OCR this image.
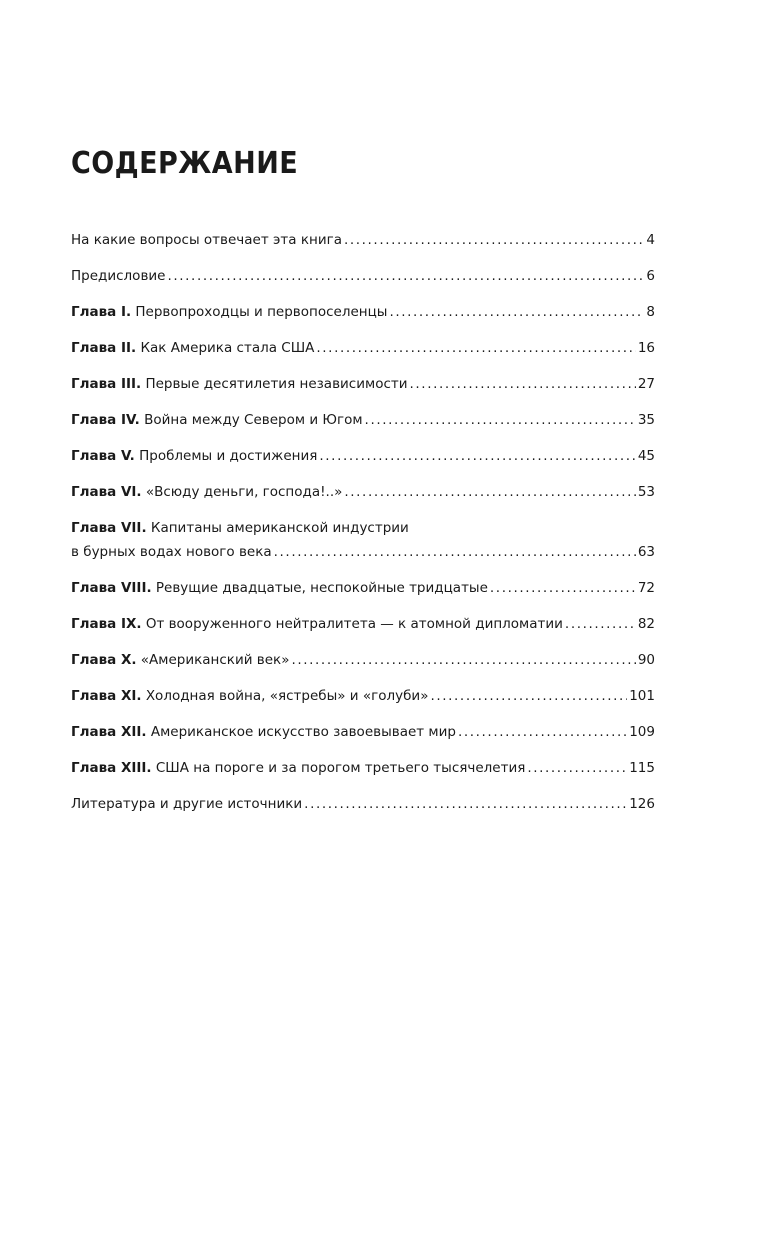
СОДЕРЖАНИЕ
На какие вопросы отвечает эта книга .....	4
Предисловие .....	6
Глава I. Первопроходцы и первопоселенцы .....	8
Глава II. Как Америка стала США .....	16
Глава III. Первые десятилетия независимости .....	27
Глава IV. Война между Севером и Югом .....	35
Глава V. Проблемы и достижения .....	45
Глава VI. «Всюду деньги, господа!..» .....	53
Глава VII. Капитаны американской индустрии
в бурных водах нового века .....	63
Глава VIII. Ревущие двадцатые, неспокойные тридцатые .....	72
Глава IX. От вооруженного нейтралитета — к атомной дипломатии .....	82
Глава X. «Американский век» .....	90
Глава XI. Холодная война, «ястребы» и «голуби» .....	101
Глава XII. Американское искусство завоевывает мир .....	109
Глава XIII. США на пороге и за порогом третьего тысячелетия .....	115
Литература и другие источники .....	126
